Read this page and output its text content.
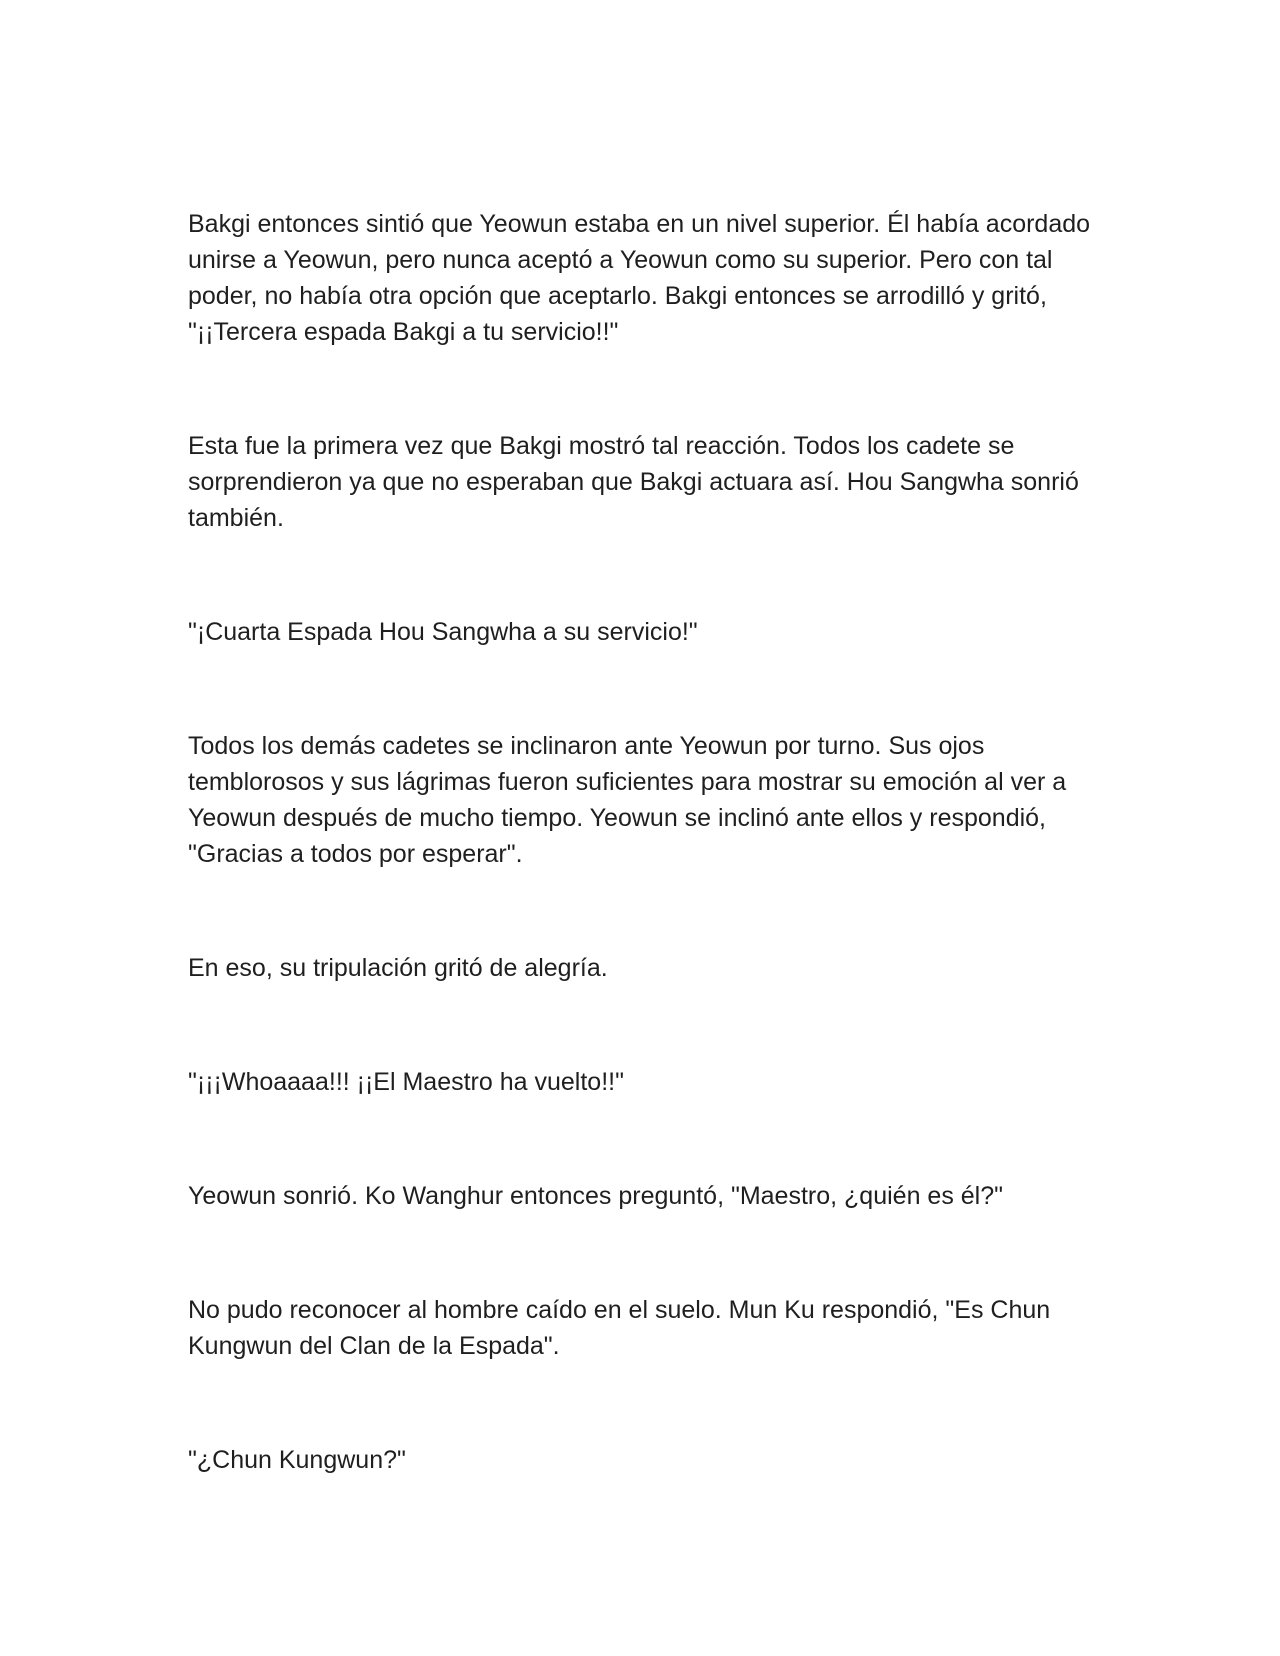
Bakgi entonces sintió que Yeowun estaba en un nivel superior. Él había acordado unirse a Yeowun, pero nunca aceptó a Yeowun como su superior. Pero con tal poder, no había otra opción que aceptarlo. Bakgi entonces se arrodilló y gritó, "¡¡Tercera espada Bakgi a tu servicio!!"

Esta fue la primera vez que Bakgi mostró tal reacción. Todos los cadete se sorprendieron ya que no esperaban que Bakgi actuara así. Hou Sangwha sonrió también.

"¡Cuarta Espada Hou Sangwha a su servicio!"

Todos los demás cadetes se inclinaron ante Yeowun por turno. Sus ojos temblorosos y sus lágrimas fueron suficientes para mostrar su emoción al ver a Yeowun después de mucho tiempo. Yeowun se inclinó ante ellos y respondió, "Gracias a todos por esperar".

En eso, su tripulación gritó de alegría.

"¡¡¡Whoaaaa!!! ¡¡El Maestro ha vuelto!!"

Yeowun sonrió. Ko Wanghur entonces preguntó, "Maestro, ¿quién es él?"

No pudo reconocer al hombre caído en el suelo. Mun Ku respondió, "Es Chun Kungwun del Clan de la Espada".

"¿Chun Kungwun?"
